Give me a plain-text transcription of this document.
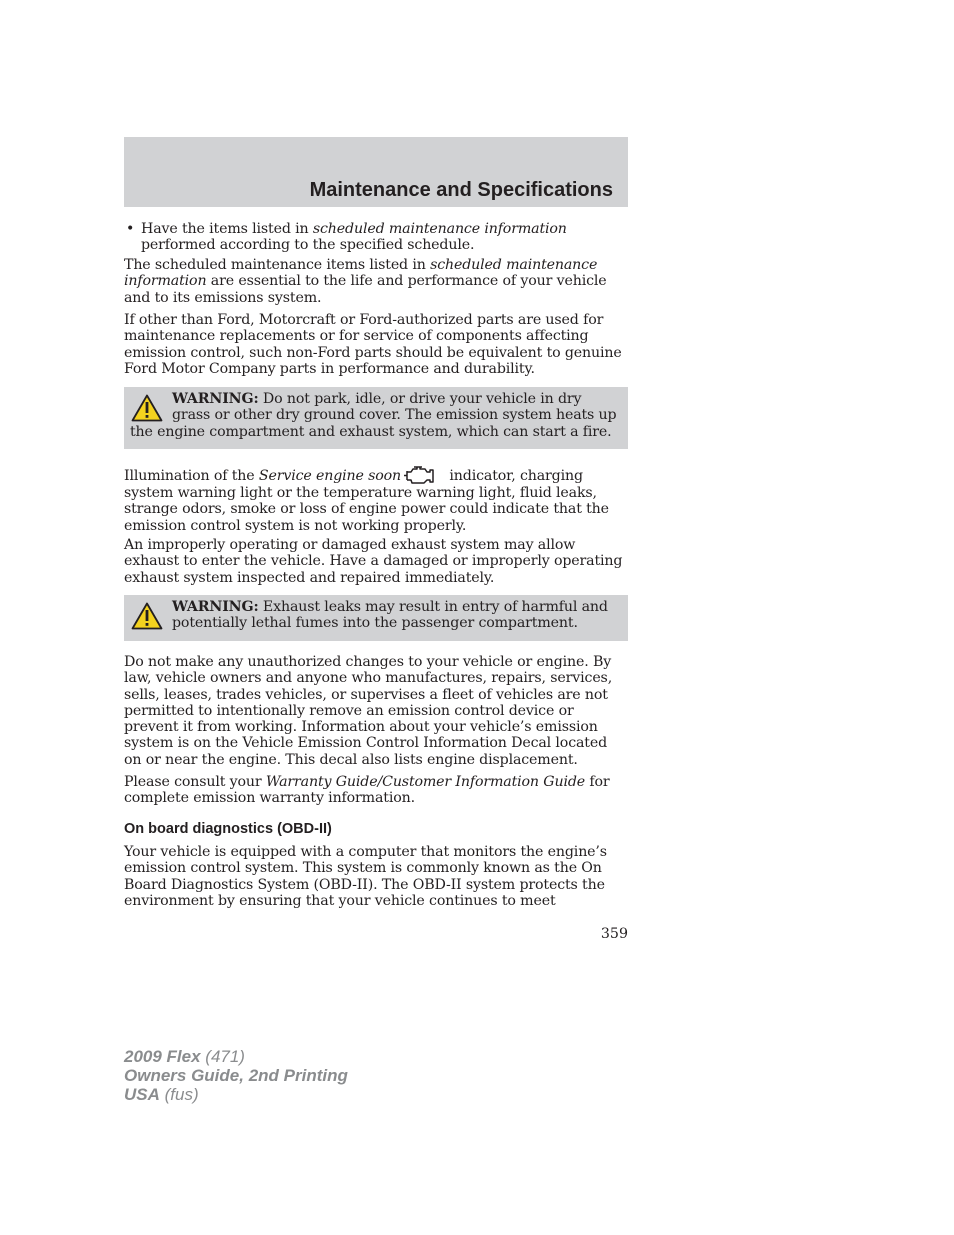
Maintenance and Specifications
• Have the items listed in scheduled maintenance information performed according to the specified schedule.

The scheduled maintenance items listed in scheduled maintenance information are essential to the life and performance of your vehicle and to its emissions system.

If other than Ford, Motorcraft or Ford-authorized parts are used for maintenance replacements or for service of components affecting emission control, such non-Ford parts should be equivalent to genuine Ford Motor Company parts in performance and durability.

WARNING: Do not park, idle, or drive your vehicle in dry grass or other dry ground cover. The emission system heats up the engine compartment and exhaust system, which can start a fire.

Illumination of the Service engine soon	indicator, charging system warning light or the temperature warning light, fluid leaks, strange odors, smoke or loss of engine power could indicate that the emission control system is not working properly.

An improperly operating or damaged exhaust system may allow exhaust to enter the vehicle. Have a damaged or improperly operating exhaust system inspected and repaired immediately.

WARNING: Exhaust leaks may result in entry of harmful and potentially lethal fumes into the passenger compartment.

Do not make any unauthorized changes to your vehicle or engine. By law, vehicle owners and anyone who manufactures, repairs, services, sells, leases, trades vehicles, or supervises a fleet of vehicles are not permitted to intentionally remove an emission control device or prevent it from working. Information about your vehicle’s emission system is on the Vehicle Emission Control Information Decal located on or near the engine. This decal also lists engine displacement.

Please consult your Warranty Guide/Customer Information Guide for complete emission warranty information.

On board diagnostics (OBD-II)

Your vehicle is equipped with a computer that monitors the engine’s emission control system. This system is commonly known as the On Board Diagnostics System (OBD-II). The OBD-II system protects the environment by ensuring that your vehicle continues to meet

359
2009 Flex (471)
Owners Guide, 2nd Printing
USA (fus)
